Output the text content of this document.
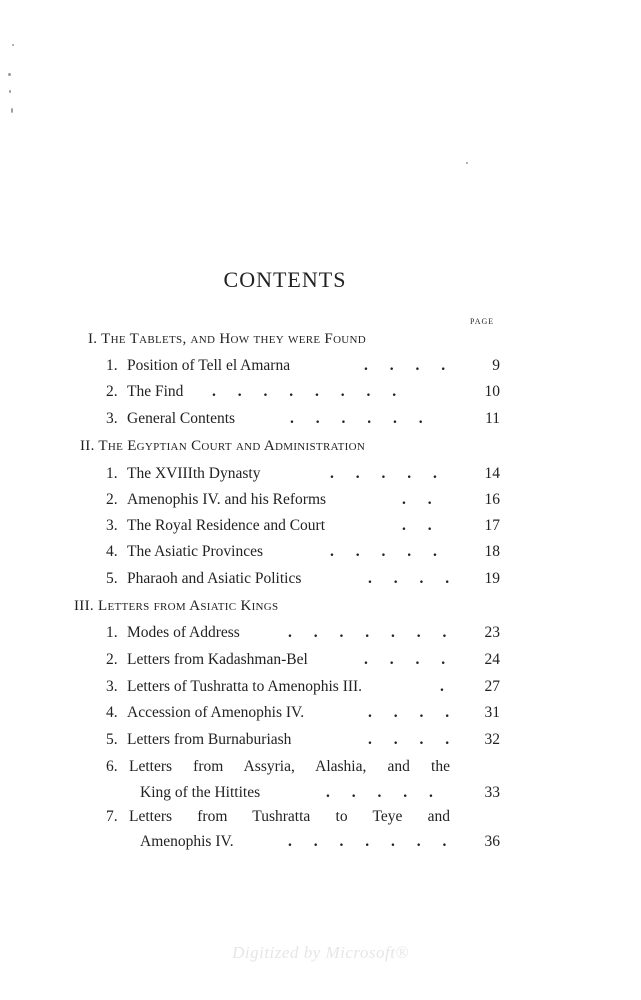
CONTENTS
PAGE
I. The Tablets, and How they were Found
1. Position of Tell el Amarna	. . . .	9
2. The Find . . . . . . . .	10
3. General Contents	. . . . . .	11
II. The Egyptian Court and Administration
1. The XVIIIth Dynasty	. . . . .	14
2. Amenophis IV. and his Reforms	. .	16
3. The Royal Residence and Court	. .	17
4. The Asiatic Provinces	. . . . .	18
5. Pharaoh and Asiatic Politics	. . . .	19
III. Letters from Asiatic Kings
1. Modes of Address	. . . . . . .	23
2. Letters from Kadashman-Bel	. . . .	24
3. Letters of Tushratta to Amenophis III.	.	27
4. Accession of Amenophis IV.	. . . .	31
5. Letters from Burnaburiash	. . . .	32
6. Letters from Assyria, Alashia, and the
King of the Hittites	. . . . .	33
7. Letters from Tushratta to Teye and
Amenophis IV.	. . . . . . .	36
Digitized by Microsoft®
